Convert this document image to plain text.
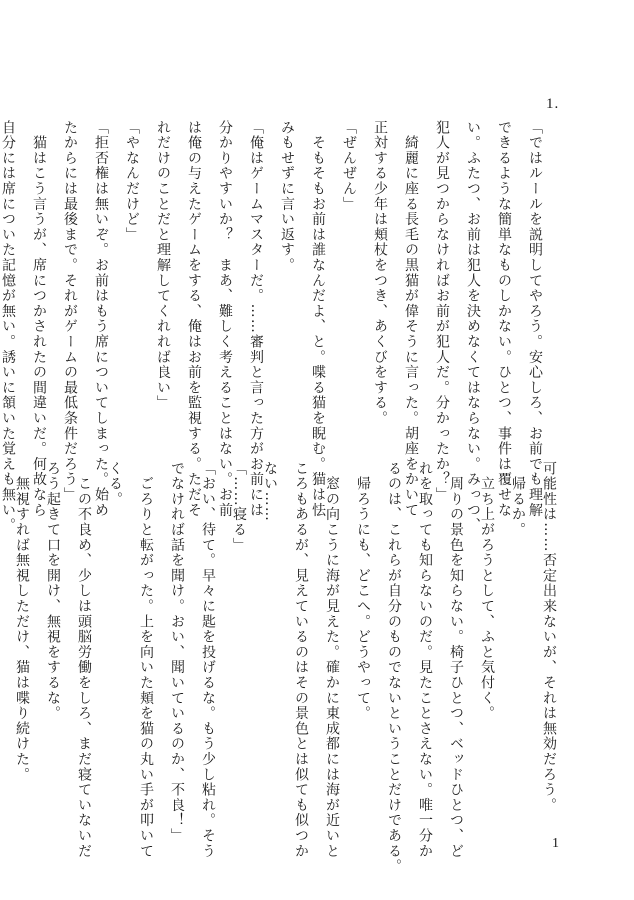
1.
「ではルールを説明してやろう。安心しろ、お前でも理解
できるような簡単なものしかない。ひとつ、事件は覆せな
い。ふたつ、お前は犯人を決めなくてはならない。みっつ、
犯人が見つからなければお前が犯人だ。分かったか？」
　綺麗に座る長毛の黒猫が偉そうに言った。胡座をかいて
正対する少年は頬杖をつき、あくびをする。
「ぜんぜん」
　そもそもお前は誰なんだよ、と。喋る猫を睨む。猫は怯
みもせずに言い返す。
「俺はゲームマスターだ。……審判と言った方がお前には
分かりやすいか？　まあ、難しく考えることはない。お前
は俺の与えたゲームをする、俺はお前を監視する。ただそ
れだけのことだと理解してくれれば良い」
「やなんだけど」
「拒否権は無いぞ。お前はもう席についてしまった。始め
たからには最後まで。それがゲームの最低条件だろう」
　猫はこう言うが、席につかされたの間違いだ。何故なら
自分には席についた記憶が無い。誘いに頷いた覚えも無い。
可能性は……否定出来ないが、それは無効だろう。
　帰るか。
　立ち上がろうとして、ふと気付く。
　周りの景色を知らない。椅子ひとつ、ベッドひとつ、ど
れを取っても知らないのだ。見たことさえない。唯一分か
るのは、これらが自分のものでないということだけである。
　帰ろうにも、どこへ。どうやって。
　窓の向こうに海が見えた。確かに東成都には海が近いと
ころもあるが、見えているのはその景色とは似ても似つか
ない……
「……寝る」
「おい、待て。早々に匙を投げるな。もう少し粘れ。そう
でなければ話を聞け。おい、聞いているのか、不良！」
　ごろりと転がった。上を向いた頬を猫の丸い手が叩いて
くる。
　この不良め、少しは頭脳労働をしろ、まだ寝ていないだ
ろう起きて口を開け、無視をするな。
　無視すれば無視しただけ、猫は喋り続けた。
1
